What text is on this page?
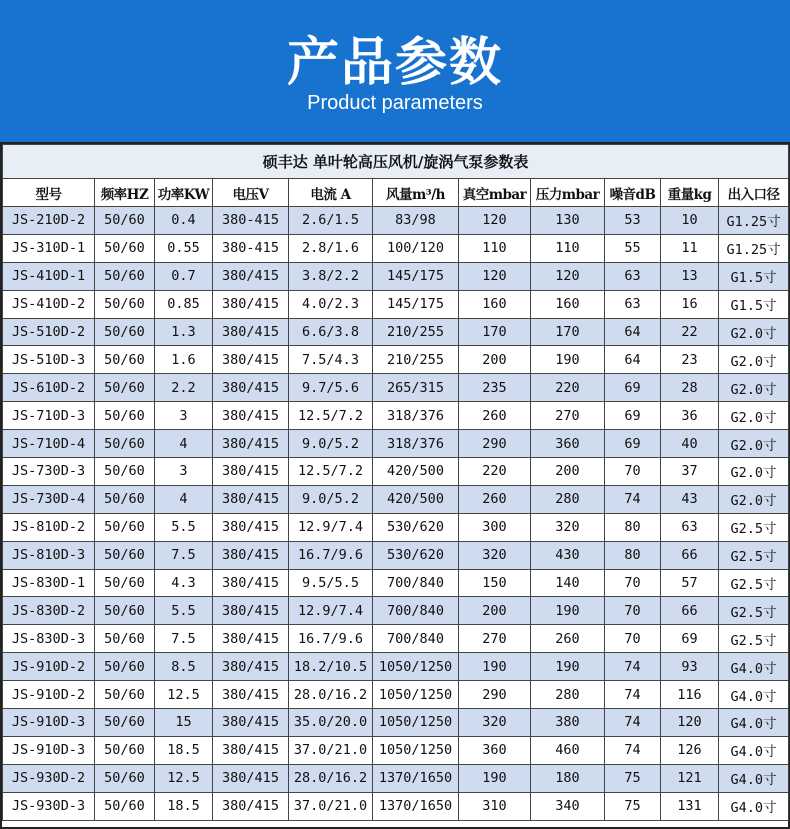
产品参数
Product parameters
硕丰达 单叶轮高压风机/旋涡气泵参数表										
型号	频率HZ	功率KW	电压V	电流 A	风量m³/h	真空mbar	压力mbar	噪音dB	重量kg	出入口径
JS-210D-2	50/60	0.4	380-415	2.6/1.5	83/98	120	130	53	10	G1.25寸
JS-310D-1	50/60	0.55	380-415	2.8/1.6	100/120	110	110	55	11	G1.25寸
JS-410D-1	50/60	0.7	380/415	3.8/2.2	145/175	120	120	63	13	G1.5寸
JS-410D-2	50/60	0.85	380/415	4.0/2.3	145/175	160	160	63	16	G1.5寸
JS-510D-2	50/60	1.3	380/415	6.6/3.8	210/255	170	170	64	22	G2.0寸
JS-510D-3	50/60	1.6	380/415	7.5/4.3	210/255	200	190	64	23	G2.0寸
JS-610D-2	50/60	2.2	380/415	9.7/5.6	265/315	235	220	69	28	G2.0寸
JS-710D-3	50/60	3	380/415	12.5/7.2	318/376	260	270	69	36	G2.0寸
JS-710D-4	50/60	4	380/415	9.0/5.2	318/376	290	360	69	40	G2.0寸
JS-730D-3	50/60	3	380/415	12.5/7.2	420/500	220	200	70	37	G2.0寸
JS-730D-4	50/60	4	380/415	9.0/5.2	420/500	260	280	74	43	G2.0寸
JS-810D-2	50/60	5.5	380/415	12.9/7.4	530/620	300	320	80	63	G2.5寸
JS-810D-3	50/60	7.5	380/415	16.7/9.6	530/620	320	430	80	66	G2.5寸
JS-830D-1	50/60	4.3	380/415	9.5/5.5	700/840	150	140	70	57	G2.5寸
JS-830D-2	50/60	5.5	380/415	12.9/7.4	700/840	200	190	70	66	G2.5寸
JS-830D-3	50/60	7.5	380/415	16.7/9.6	700/840	270	260	70	69	G2.5寸
JS-910D-2	50/60	8.5	380/415	18.2/10.5	1050/1250	190	190	74	93	G4.0寸
JS-910D-2	50/60	12.5	380/415	28.0/16.2	1050/1250	290	280	74	116	G4.0寸
JS-910D-3	50/60	15	380/415	35.0/20.0	1050/1250	320	380	74	120	G4.0寸
JS-910D-3	50/60	18.5	380/415	37.0/21.0	1050/1250	360	460	74	126	G4.0寸
JS-930D-2	50/60	12.5	380/415	28.0/16.2	1370/1650	190	180	75	121	G4.0寸
JS-930D-3	50/60	18.5	380/415	37.0/21.0	1370/1650	310	340	75	131	G4.0寸
